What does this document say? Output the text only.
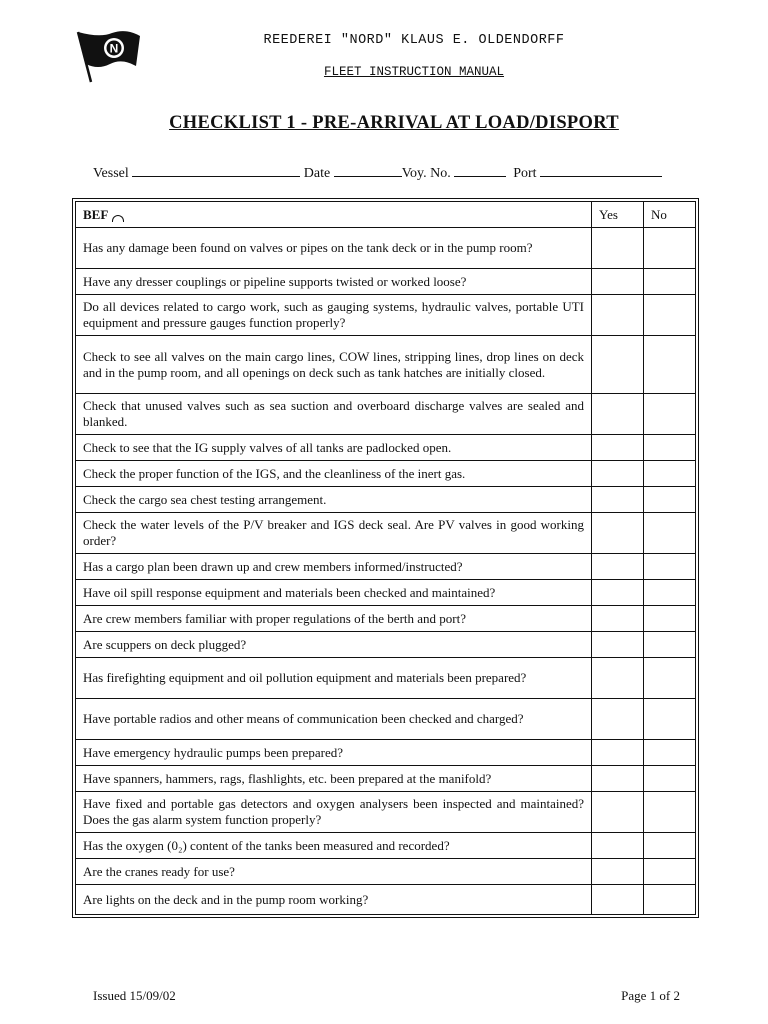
N
REEDEREI "NORD" KLAUS E. OLDENDORFF
FLEET INSTRUCTION MANUAL
CHECKLIST 1 - PRE-ARRIVAL AT LOAD/DISPORT
Vessel	Date	Voy. No.	Port
BEF	Yes	No
Has any damage been found on valves or pipes on the tank deck or in the pump room?		
Have any dresser couplings or pipeline supports twisted or worked loose?		
Do all devices related to cargo work, such as gauging systems, hydraulic valves, portable UTI equipment and pressure gauges function properly?		
Check to see all valves on the main cargo lines, COW lines, stripping lines, drop lines on deck and in the pump room, and all openings on deck such as tank hatches are initially closed.		
Check that unused valves such as sea suction and overboard discharge valves are sealed and blanked.		
Check to see that the IG supply valves of all tanks are padlocked open.		
Check the proper function of the IGS, and the cleanliness of the inert gas.		
Check the cargo sea chest testing arrangement.		
Check the water levels of the P/V breaker and IGS deck seal. Are PV valves in good working order?		
Has a cargo plan been drawn up and crew members informed/instructed?		
Have oil spill response equipment and materials been checked and maintained?		
Are crew members familiar with proper regulations of the berth and port?		
Are scuppers on deck plugged?		
Has firefighting equipment and oil pollution equipment and materials been prepared?		
Have portable radios and other means of communication been checked and charged?		
Have emergency hydraulic pumps been prepared?		
Have spanners, hammers, rags, flashlights, etc. been prepared at the manifold?		
Have fixed and portable gas detectors and oxygen analysers been inspected and maintained? Does the gas alarm system function properly?		
Has the oxygen (0₂) content of the tanks been measured and recorded?		
Are the cranes ready for use?		
Are lights on the deck and in the pump room working?		
Issued 15/09/02	Page 1 of 2
